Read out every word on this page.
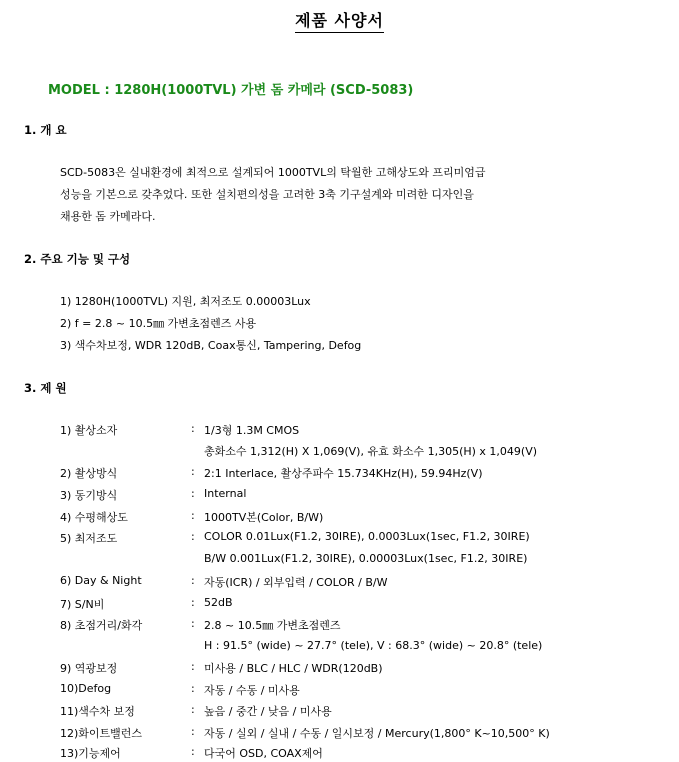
제품 사양서
MODEL : 1280H(1000TVL) 가변 돔 카메라 (SCD-5083)
1. 개 요
SCD-5083은 실내환경에 최적으로 설계되어 1000TVL의 탁월한 고해상도와 프리미엄급
성능을 기본으로 갖추었다. 또한 설치편의성을 고려한 3축 기구설계와 미려한 디자인을
채용한 돔 카메라다.
2. 주요 기능 및 구성
1) 1280H(1000TVL) 지원, 최저조도 0.00003Lux
2) f = 2.8 ~ 10.5㎜ 가변초점렌즈 사용
3) 색수차보정, WDR 120dB, Coax통신, Tampering, Defog
3. 제 원
1) 촬상소자	: 1/3형 1.3M CMOS
총화소수 1,312(H) X 1,069(V), 유효 화소수 1,305(H) x 1,049(V)
2) 촬상방식	: 2:1 Interlace, 촬상주파수 15.734KHz(H), 59.94Hz(V)
3) 동기방식	: Internal
4) 수평해상도	: 1000TV본(Color, B/W)
5) 최저조도	: COLOR 0.01Lux(F1.2, 30IRE), 0.0003Lux(1sec, F1.2, 30IRE)
B/W 0.001Lux(F1.2, 30IRE), 0.00003Lux(1sec, F1.2, 30IRE)
6) Day & Night	: 자동(ICR) / 외부입력 / COLOR / B/W
7) S/N비	: 52dB
8) 초점거리/화각	: 2.8 ~ 10.5㎜ 가변초점렌즈
H : 91.5° (wide) ~ 27.7° (tele), V : 68.3° (wide) ~ 20.8° (tele)
9) 역광보정	: 미사용 / BLC / HLC / WDR(120dB)
10)Defog	: 자동 / 수동 / 미사용
11)색수차 보정	: 높음 / 중간 / 낮음 / 미사용
12)화이트밸런스	: 자동 / 실외 / 실내 / 수동 / 일시보정 / Mercury(1,800° K~10,500° K)
13)기능제어	: 다국어 OSD, COAX제어
